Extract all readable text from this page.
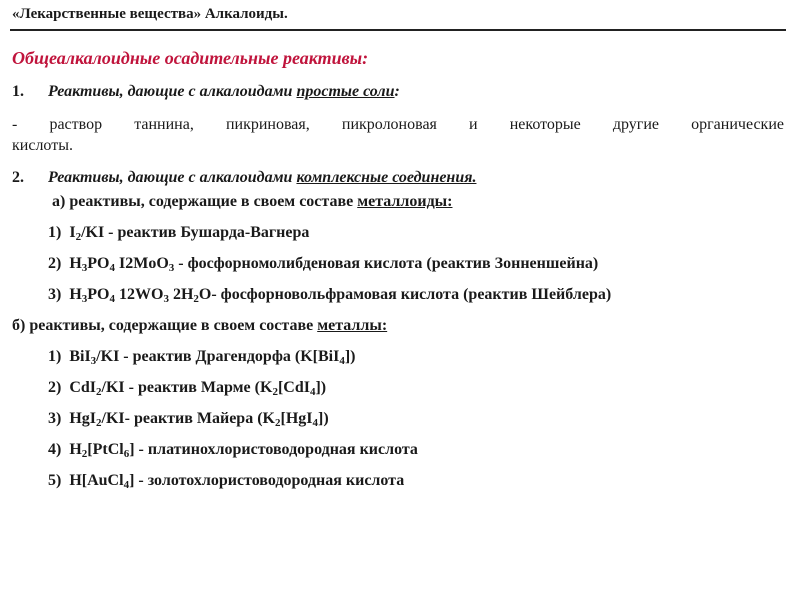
«Лекарственные вещества» Алкалоиды.
Общеалкалоидные осадительные реактивы:
1. Реактивы, дающие с алкалоидами простые соли:
- раствор таннина, пикриновая, пикролоновая и некоторые другие органические
кислоты.
2. Реактивы, дающие с алкалоидами комплексные соединения.
а) реактивы, содержащие в своем составе металлоиды:
1) $I_2/KI$ - реактив Бушарда-Вагнера
2) $H_3PO_4$ I2MoO$_3$ - фосфорномолибденовая кислота (реактив Зонненшейна)
3) $H_3PO_4$ $12WO_3$ $2H_2O-$ фосфорновольфрамовая кислота (реактив Шейблера)
б) реактивы, содержащие в своем составе металлы:
1) BiI$_3$/KI - реактив Драгендорфа (K[BiI$_4$])
2) CdI$_2$/KI - реактив Марме $(K_2[CdI_4])$
3) HgI$_2$/KI- реактив Майера $(K_2[HgI_4])$
4) $H_2[PtCl_6]$ - платинохлористоводородная кислота
5) H[AuCl$_4$] - золотохлористоводородная кислота
